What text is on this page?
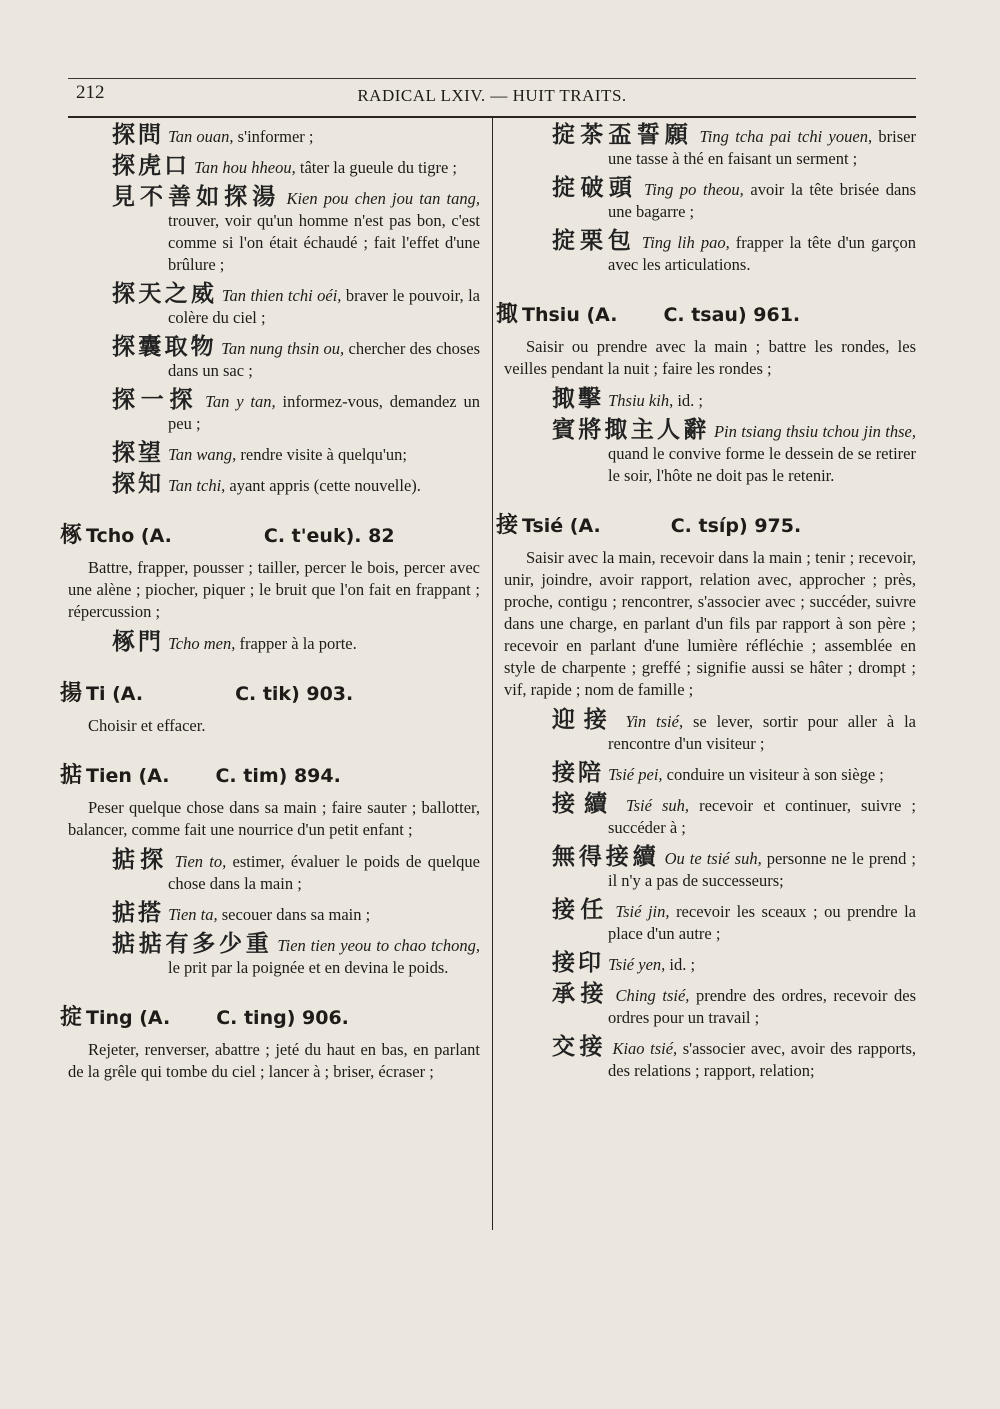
212	RADICAL LXIV. — HUIT TRAITS.
探問 Tan ouan, s'informer ;
探虎口 Tan hou hheou, tâter la gueule du tigre ;
見不善如探湯 Kien pou chen jou tan tang, trouver, voir qu'un homme n'est pas bon, c'est comme si l'on était échaudé ; fait l'effet d'une brûlure ;
探天之威 Tan thien tchi oéi, braver le pouvoir, la colère du ciel ;
探囊取物 Tan nung thsin ou, chercher des choses dans un sac ;
探一探 Tan y tan, informez-vous, demandez un peu ;
探望 Tan wang, rendre visite à quelqu'un;
探知 Tan tchi, ayant appris (cette nouvelle).
椓 Tcho (A.	C. t'euk). 82
Battre, frapper, pousser ; tailler, percer le bois, percer avec une alène ; piocher, piquer ; le bruit que l'on fait en frappant ; répercussion ;
椓門 Tcho men, frapper à la porte.
揚 Ti (A.	C. tik) 903.
Choisir et effacer.
掂 Tien (A. C. tim) 894.
Peser quelque chose dans sa main ; faire sauter ; ballotter, balancer, comme fait une nourrice d'un petit enfant ;
掂探 Tien to, estimer, évaluer le poids de quelque chose dans la main ;
掂搭 Tien ta, secouer dans sa main ;
掂掂有多少重 Tien tien yeou to chao tchong, le prit par la poignée et en devina le poids.
掟 Ting (A. C. ting) 906.
Rejeter, renverser, abattre ; jeté du haut en bas, en parlant de la grêle qui tombe du ciel ; lancer à ; briser, écraser ;
掟茶盃誓願 Ting tcha pai tchi youen, briser une tasse à thé en faisant un serment ;
掟破頭 Ting po theou, avoir la tête brisée dans une bagarre ;
掟栗包 Ting lih pao, frapper la tête d'un garçon avec les articulations.
掫 Thsiu (A. C. tsau) 961.
Saisir ou prendre avec la main ; battre les rondes, les veilles pendant la nuit ; faire les rondes ;
掫擊 Thsiu kih, id. ;
賓將掫主人辭 Pin tsiang thsiu tchou jin thse, quand le convive forme le dessein de se retirer le soir, l'hôte ne doit pas le retenir.
接 Tsié (A.	C. tsíp) 975.
Saisir avec la main, recevoir dans la main ; tenir ; recevoir, unir, joindre, avoir rapport, relation avec, approcher ; près, proche, contigu ; rencontrer, s'associer avec ; succéder, suivre dans une charge, en parlant d'un fils par rapport à son père ; recevoir en parlant d'une lumière réfléchie ; assemblée en style de charpente ; greffé ; signifie aussi se hâter ; drompt ; vif, rapide ; nom de famille ;
迎接 Yin tsié, se lever, sortir pour aller à la rencontre d'un visiteur ;
接陪 Tsié pei, conduire un visiteur à son siège ;
接續 Tsié suh, recevoir et continuer, suivre ; succéder à ;
無得接續 Ou te tsié suh, personne ne le prend ; il n'y a pas de successeurs;
接任 Tsié jin, recevoir les sceaux ; ou prendre la place d'un autre ;
接印 Tsié yen, id. ;
承接 Ching tsié, prendre des ordres, recevoir des ordres pour un travail ;
交接 Kiao tsié, s'associer avec, avoir des rapports, des relations ; rapport, relation;
